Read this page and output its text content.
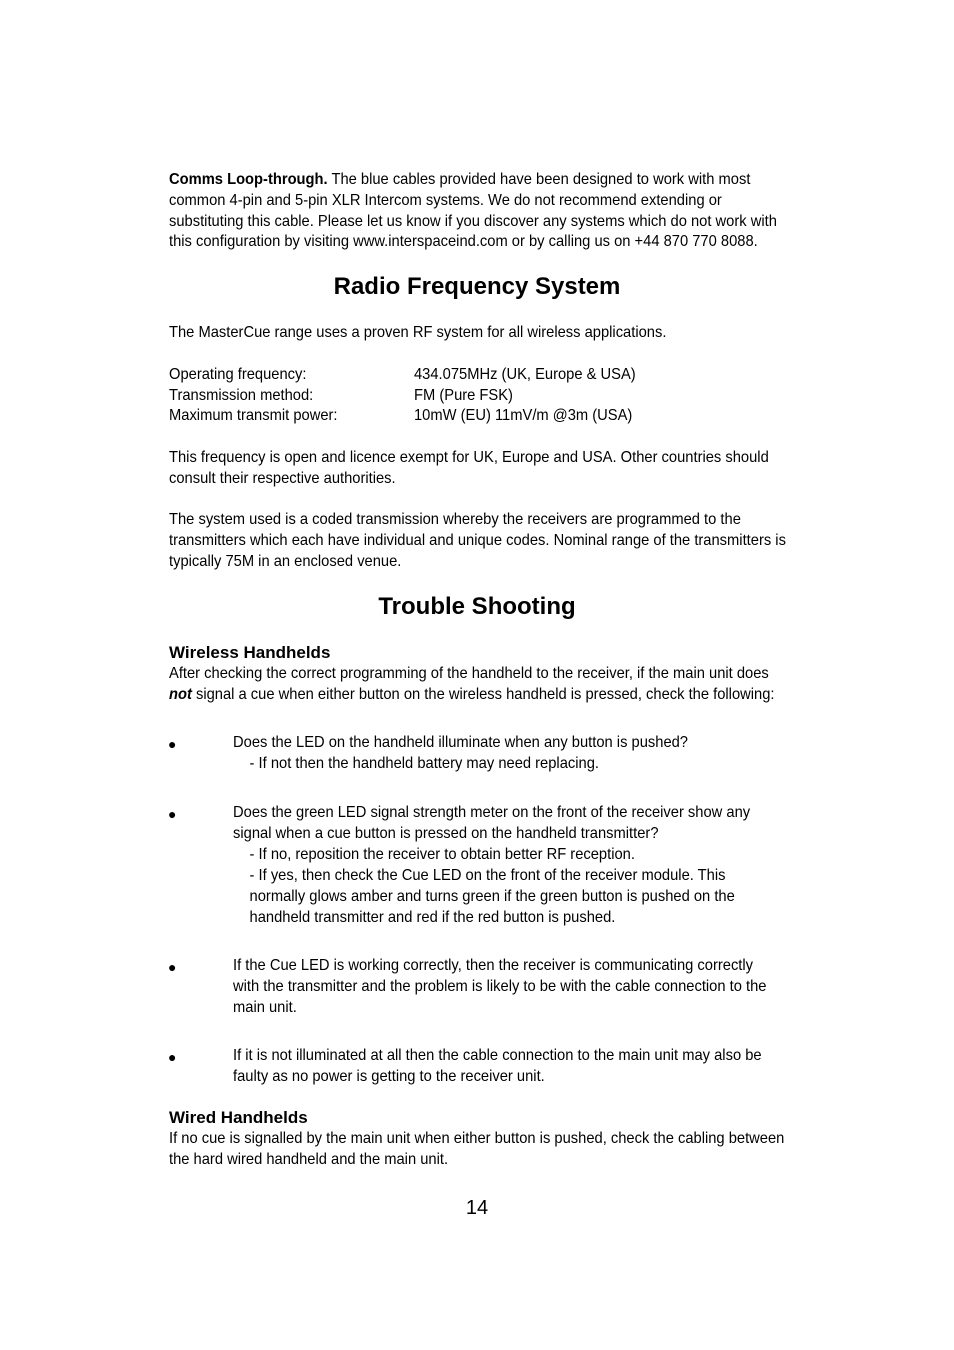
Comms Loop-through. The blue cables provided have been designed to work with most common 4-pin and 5-pin XLR Intercom systems. We do not recommend extending or substituting this cable. Please let us know if you discover any systems which do not work with this configuration by visiting www.interspaceind.com or by calling us on +44 870 770 8088.
Radio Frequency System
The MasterCue range uses a proven RF system for all wireless applications.
Operating frequency:	434.075MHz (UK, Europe & USA)
Transmission method:	FM (Pure FSK)
Maximum transmit power:	10mW (EU) 11mV/m @3m (USA)
This frequency is open and licence exempt for UK, Europe and USA. Other countries should consult their respective authorities.
The system used is a coded transmission whereby the receivers are programmed to the transmitters which each have individual and unique codes. Nominal range of the transmitters is typically 75M in an enclosed venue.
Trouble Shooting
Wireless Handhelds
After checking the correct programming of the handheld to the receiver, if the main unit does not signal a cue when either button on the wireless handheld is pressed, check the following:
●	Does the LED on the handheld illuminate when any button is pushed?
- If not then the handheld battery may need replacing.
●	Does the green LED signal strength meter on the front of the receiver show any signal when a cue button is pressed on the handheld transmitter?
- If no, reposition the receiver to obtain better RF reception.
- If yes, then check the Cue LED on the front of the receiver module. This normally glows amber and turns green if the green button is pushed on the handheld transmitter and red if the red button is pushed.
●	If the Cue LED is working correctly, then the receiver is communicating correctly with the transmitter and the problem is likely to be with the cable connection to the main unit.
●	If it is not illuminated at all then the cable connection to the main unit may also be faulty as no power is getting to the receiver unit.
Wired Handhelds
If no cue is signalled by the main unit when either button is pushed, check the cabling between the hard wired handheld and the main unit.
14
